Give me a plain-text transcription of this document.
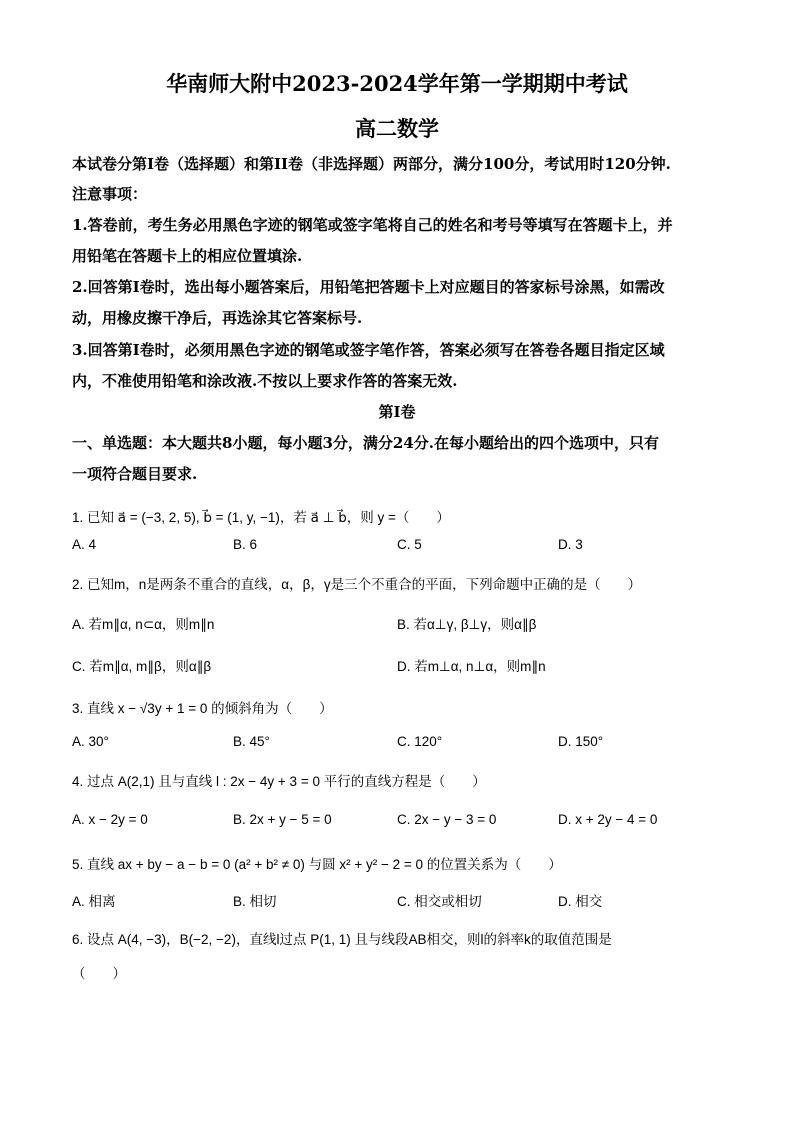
华南师大附中2023-2024学年第一学期期中考试
高二数学
本试卷分第I卷（选择题）和第II卷（非选择题）两部分，满分100分，考试用时120分钟.
注意事项：
1.答卷前，考生务必用黑色字迹的钢笔或签字笔将自己的姓名和考号等填写在答题卡上，并
用铅笔在答题卡上的相应位置填涂.
2.回答第I卷时，选出每小题答案后，用铅笔把答题卡上对应题目的答家标号涂黑，如需改
动，用橡皮擦干净后，再选涂其它答案标号.
3.回答第I卷时，必须用黑色字迹的钢笔或签字笔作答，答案必须写在答卷各题目指定区域
内，不准使用铅笔和涂改液.不按以上要求作答的答案无效.
第I卷
一、单选题：本大题共8小题，每小题3分，满分24分.在每小题给出的四个选项中，只有
一项符合题目要求.
1. 已知 a⃗ = (−3, 2, 5), b⃗ = (1, y, −1)，若 a⃗ ⊥ b⃗，则 y =（　　）
A. 4	B. 6	C. 5	D. 3
2. 已知m，n是两条不重合的直线，α，β，γ是三个不重合的平面，下列命题中正确的是（　　）
A. 若m∥α, n⊂α，则m∥n	B. 若α⊥γ, β⊥γ，则α∥β
C. 若m∥α, m∥β，则α∥β	D. 若m⊥α, n⊥α，则m∥n
3. 直线 x − √3y + 1 = 0 的倾斜角为（　　）
A. 30°	B. 45°	C. 120°	D. 150°
4. 过点 A(2,1) 且与直线 l : 2x − 4y + 3 = 0 平行的直线方程是（　　）
A. x − 2y = 0	B. 2x + y − 5 = 0	C. 2x − y − 3 = 0	D. x + 2y − 4 = 0
5. 直线 ax + by − a − b = 0 (a² + b² ≠ 0) 与圆 x² + y² − 2 = 0 的位置关系为（　　）
A. 相离	B. 相切	C. 相交或相切	D. 相交
6. 设点 A(4, −3)，B(−2, −2)，直线l过点 P(1, 1) 且与线段AB相交，则l的斜率k的取值范围是
（　　）
